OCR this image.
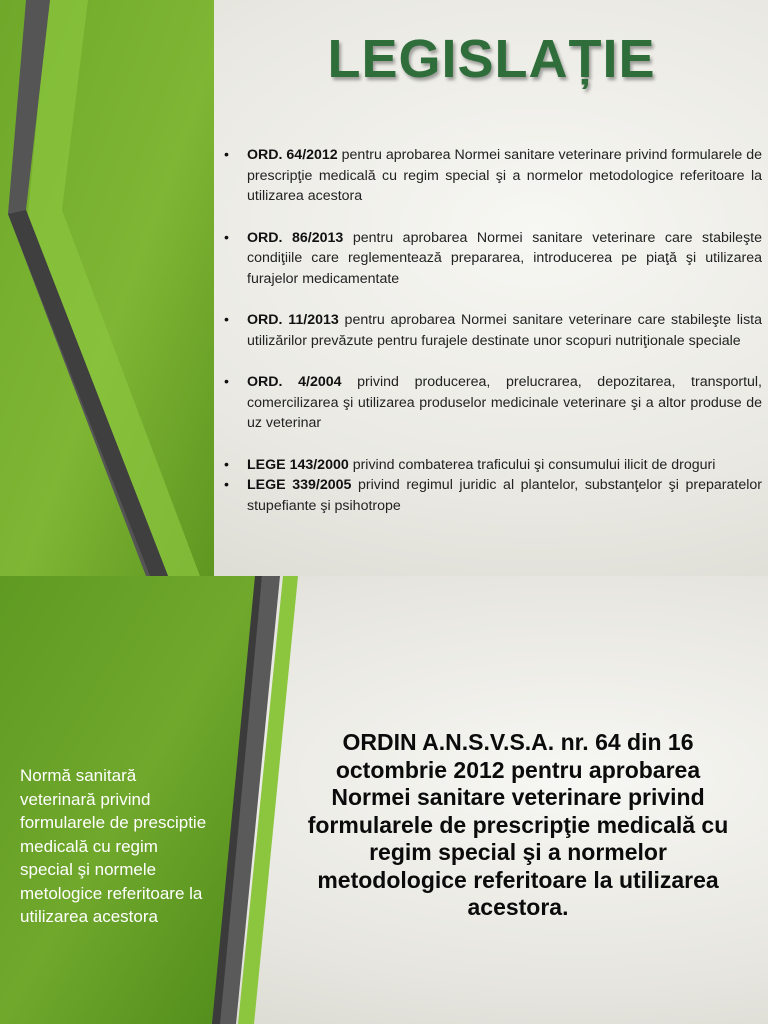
LEGISLAȚIE
• ORD. 64/2012 pentru aprobarea Normei sanitare veterinare privind formularele de prescripţie medicală cu regim special şi a normelor metodologice referitoare la utilizarea acestora
• ORD. 86/2013 pentru aprobarea Normei sanitare veterinare care stabileşte condiţiile care reglementează prepararea, introducerea pe piaţă şi utilizarea furajelor medicamentate
• ORD. 11/2013 pentru aprobarea Normei sanitare veterinare care stabileşte lista utilizărilor prevăzute pentru furajele destinate unor scopuri nutriţionale speciale
• ORD. 4/2004 privind producerea, prelucrarea, depozitarea, transportul, comercilizarea şi utilizarea produselor medicinale veterinare şi a altor produse de uz veterinar
• LEGE 143/2000 privind combaterea traficului şi consumului ilicit de droguri
• LEGE 339/2005 privind regimul juridic al plantelor, substanţelor şi preparatelor stupefiante şi psihotrope
Normă sanitară veterinară privind formularele de presciptie medicală cu regim special şi normele metologice referitoare la utilizarea acestora
ORDIN A.N.S.V.S.A. nr. 64 din 16 octombrie 2012 pentru aprobarea Normei sanitare veterinare privind formularele de prescripţie medicală cu regim special şi a normelor metodologice referitoare la utilizarea acestora.
